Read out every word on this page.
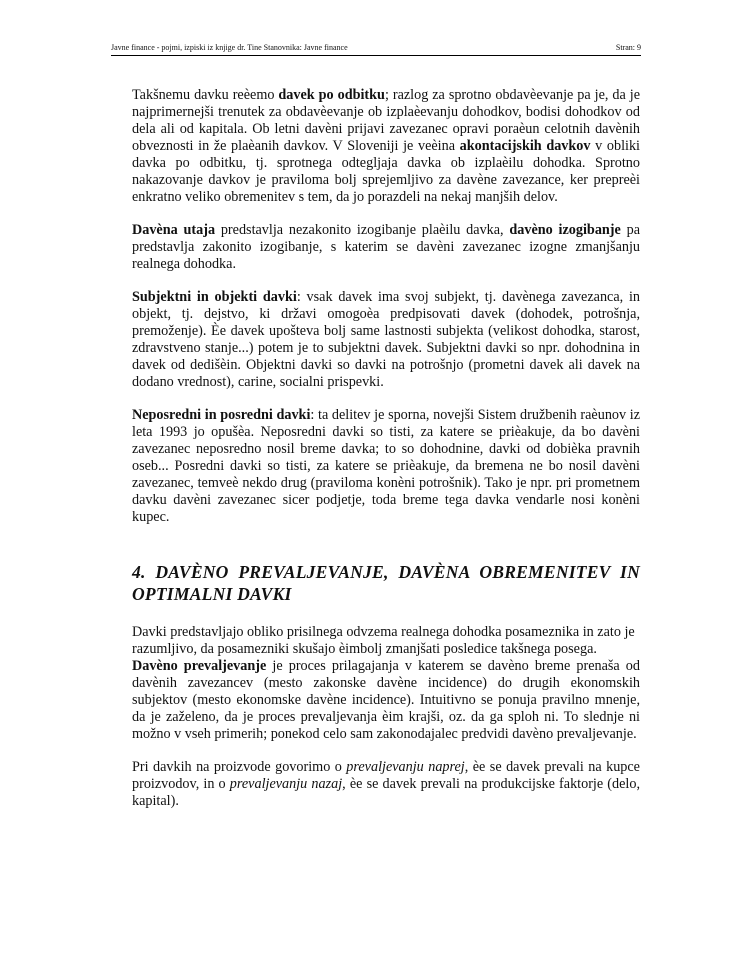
Javne finance - pojmi, izpiski iz knjige dr. Tine Stanovnika: Javne finance	Stran: 9

Takšnemu davku reèemo davek po odbitku; razlog za sprotno obdavèevanje pa je, da je najprimernejši trenutek za obdavèevanje ob izplaèevanju dohodkov, bodisi dohodkov od dela ali od kapitala. Ob letni davèni prijavi zavezanec opravi poraèun celotnih davènih obveznosti in že plaèanih davkov. V Sloveniji je veèina akontacijskih davkov v obliki davka po odbitku, tj. sprotnega odtegljaja davka ob izplaèilu dohodka. Sprotno nakazovanje davkov je praviloma bolj sprejemljivo za davène zavezance, ker prepreèi enkratno veliko obremenitev s tem, da jo porazdeli na nekaj manjših delov.

Davèna utaja predstavlja nezakonito izogibanje plaèilu davka, davèno izogibanje pa predstavlja zakonito izogibanje, s katerim se davèni zavezanec izogne zmanjšanju realnega dohodka.

Subjektni in objekti davki: vsak davek ima svoj subjekt, tj. davènega zavezanca, in objekt, tj. dejstvo, ki državi omogoèa predpisovati davek (dohodek, potrošnja, premoženje). Èe davek upošteva bolj same lastnosti subjekta (velikost dohodka, starost, zdravstveno stanje...) potem je to subjektni davek. Subjektni davki so npr. dohodnina in davek od dedišèin. Objektni davki so davki na potrošnjo (prometni davek ali davek na dodano vrednost), carine, socialni prispevki.

Neposredni in posredni davki: ta delitev je sporna, novejši Sistem družbenih raèunov iz leta 1993 jo opušèa. Neposredni davki so tisti, za katere se prièakuje, da bo davèni zavezanec neposredno nosil breme davka; to so dohodnine, davki od dobièka pravnih oseb... Posredni davki so tisti, za katere se prièakuje, da bremena ne bo nosil davèni zavezanec, temveè nekdo drug (praviloma konèni potrošnik). Tako je npr. pri prometnem davku davèni zavezanec sicer podjetje, toda breme tega davka vendarle nosi konèni kupec.

4. DAVÈNO PREVALJEVANJE, DAVÈNA OBREMENITEV IN OPTIMALNI DAVKI

Davki predstavljajo obliko prisilnega odvzema realnega dohodka posameznika in zato je razumljivo, da posamezniki skušajo èimbolj zmanjšati posledice takšnega posega.

Davèno prevaljevanje je proces prilagajanja v katerem se davèno breme prenaša od davènih zavezancev (mesto zakonske davène incidence) do drugih ekonomskih subjektov (mesto ekonomske davène incidence). Intuitivno se ponuja pravilno mnenje, da je zaželeno, da je proces prevaljevanja èim krajši, oz. da ga sploh ni. To slednje ni možno v vseh primerih; ponekod celo sam zakonodajalec predvidi davèno prevaljevanje.

Pri davkih na proizvode govorimo o prevaljevanju naprej, èe se davek prevali na kupce proizvodov, in o prevaljevanju nazaj, èe se davek prevali na produkcijske faktorje (delo, kapital).
